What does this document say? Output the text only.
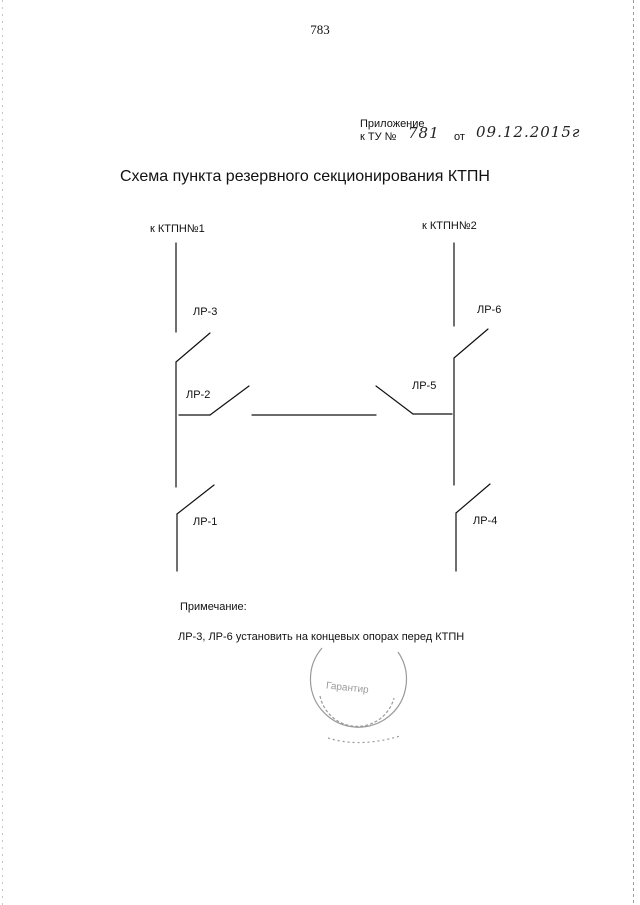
783
Приложение
к ТУ № 781 от 09.12.2015г
Схема пункта резервного секционирования КТПН
к КТПН№1	к КТПН№2
ЛР-3
ЛР-2
ЛР-1
ЛР-6
ЛР-5
ЛР-4
Примечание:
ЛР-3, ЛР-6 установить на концевых опорах перед КТПН
Гарантир
